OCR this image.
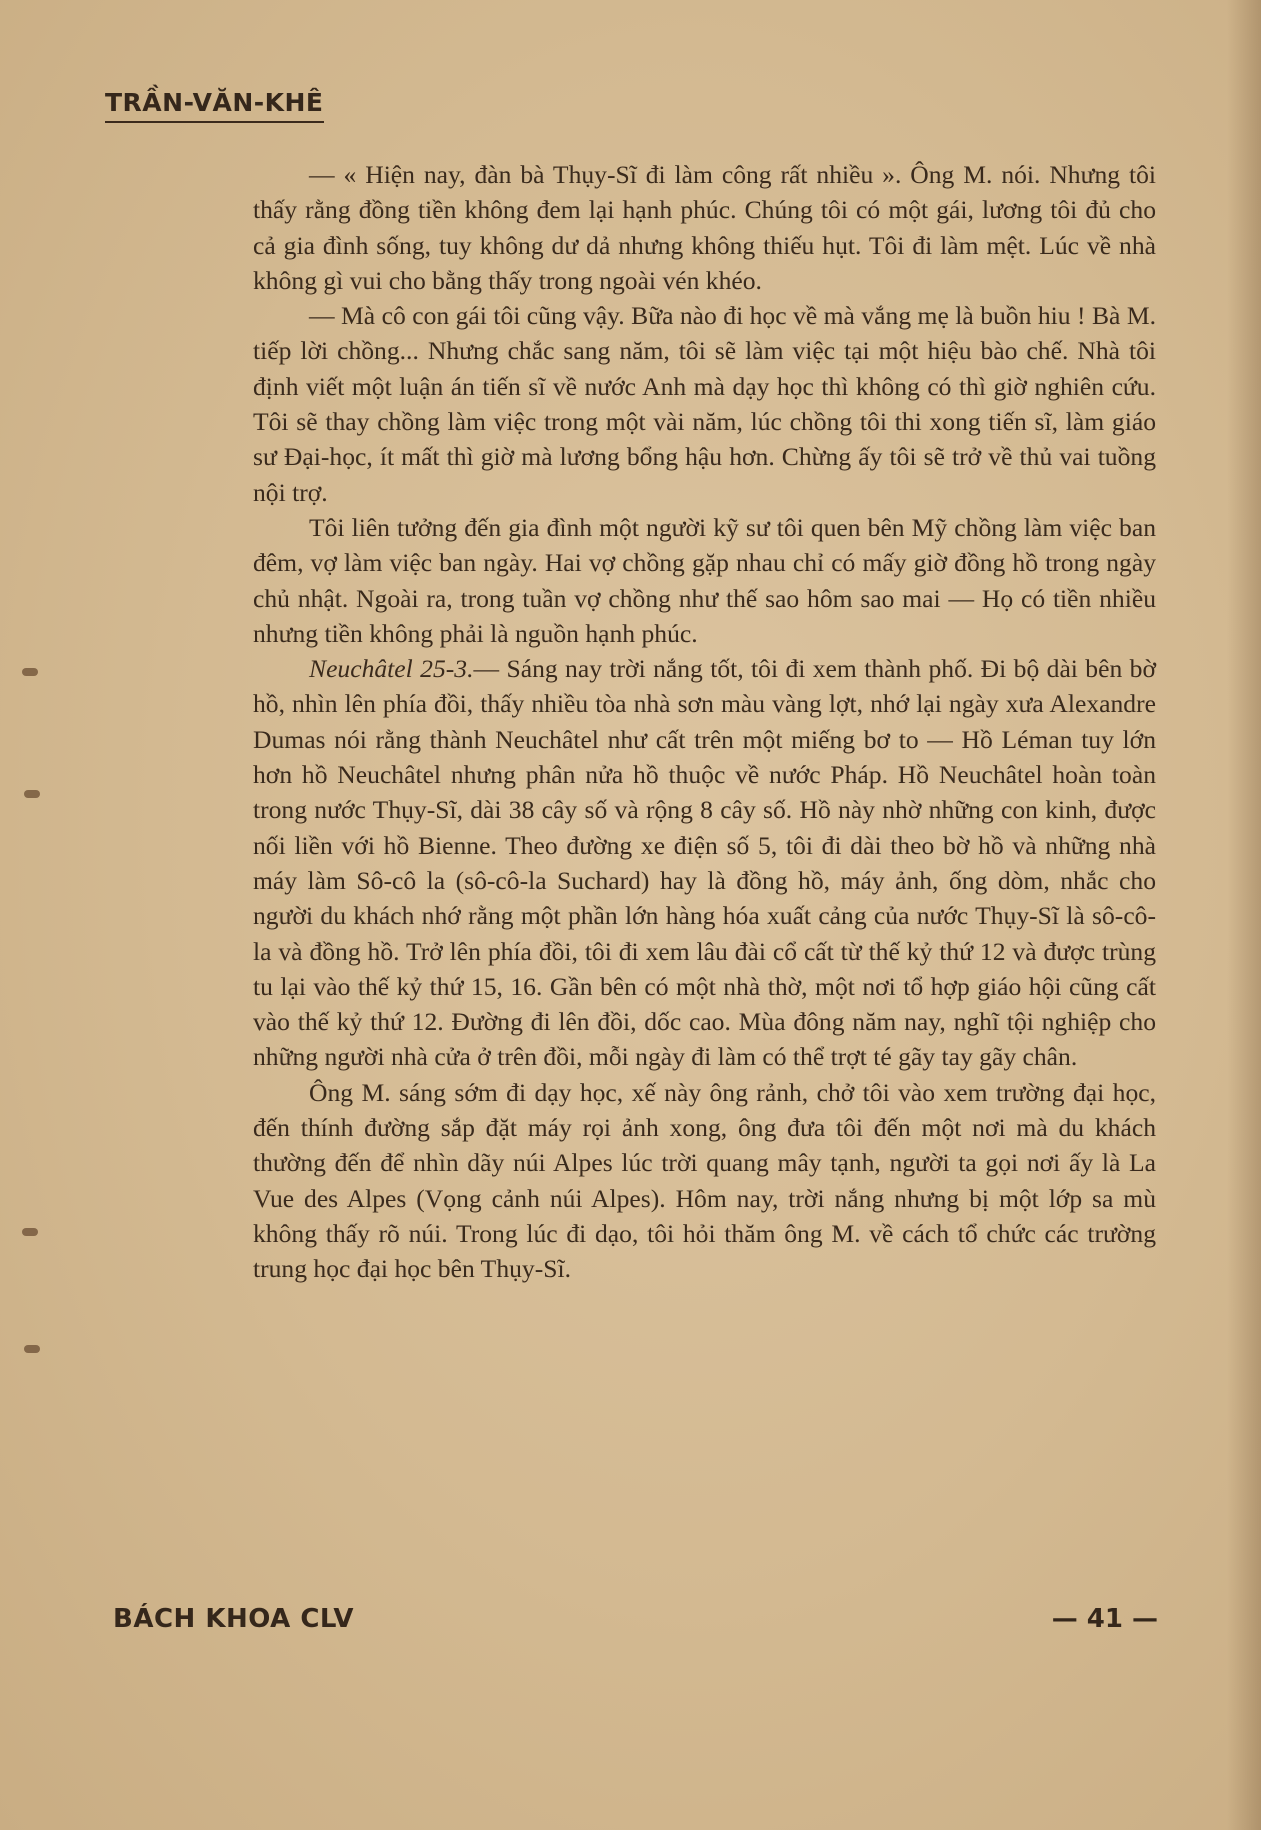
TRẦN-VĂN-KHÊ

— « Hiện nay, đàn bà Thụy-Sĩ đi làm công rất nhiều ». Ông M. nói. Nhưng tôi thấy rằng đồng tiền không đem lại hạnh phúc. Chúng tôi có một gái, lương tôi đủ cho cả gia đình sống, tuy không dư dả nhưng không thiếu hụt. Tôi đi làm mệt. Lúc về nhà không gì vui cho bằng thấy trong ngoài vén khéo.

— Mà cô con gái tôi cũng vậy. Bữa nào đi học về mà vắng mẹ là buồn hiu ! Bà M. tiếp lời chồng... Nhưng chắc sang năm, tôi sẽ làm việc tại một hiệu bào chế. Nhà tôi định viết một luận án tiến sĩ về nước Anh mà dạy học thì không có thì giờ nghiên cứu. Tôi sẽ thay chồng làm việc trong một vài năm, lúc chồng tôi thi xong tiến sĩ, làm giáo sư Đại-học, ít mất thì giờ mà lương bổng hậu hơn. Chừng ấy tôi sẽ trở về thủ vai tuồng nội trợ.

Tôi liên tưởng đến gia đình một người kỹ sư tôi quen bên Mỹ chồng làm việc ban đêm, vợ làm việc ban ngày. Hai vợ chồng gặp nhau chỉ có mấy giờ đồng hồ trong ngày chủ nhật. Ngoài ra, trong tuần vợ chồng như thế sao hôm sao mai — Họ có tiền nhiều nhưng tiền không phải là nguồn hạnh phúc.

Neuchâtel 25-3.— Sáng nay trời nắng tốt, tôi đi xem thành phố. Đi bộ dài bên bờ hồ, nhìn lên phía đồi, thấy nhiều tòa nhà sơn màu vàng lợt, nhớ lại ngày xưa Alexandre Dumas nói rằng thành Neuchâtel như cất trên một miếng bơ to — Hồ Léman tuy lớn hơn hồ Neuchâtel nhưng phân nửa hồ thuộc về nước Pháp. Hồ Neuchâtel hoàn toàn trong nước Thụy-Sĩ, dài 38 cây số và rộng 8 cây số. Hồ này nhờ những con kinh, được nối liền với hồ Bienne. Theo đường xe điện số 5, tôi đi dài theo bờ hồ và những nhà máy làm Sô-cô la (sô-cô-la Suchard) hay là đồng hồ, máy ảnh, ống dòm, nhắc cho người du khách nhớ rằng một phần lớn hàng hóa xuất cảng của nước Thụy-Sĩ là sô-cô-la và đồng hồ. Trở lên phía đồi, tôi đi xem lâu đài cổ cất từ thế kỷ thứ 12 và được trùng tu lại vào thế kỷ thứ 15, 16. Gần bên có một nhà thờ, một nơi tổ hợp giáo hội cũng cất vào thế kỷ thứ 12. Đường đi lên đồi, dốc cao. Mùa đông năm nay, nghĩ tội nghiệp cho những người nhà cửa ở trên đồi, mỗi ngày đi làm có thể trợt té gãy tay gãy chân.

Ông M. sáng sớm đi dạy học, xế này ông rảnh, chở tôi vào xem trường đại học, đến thính đường sắp đặt máy rọi ảnh xong, ông đưa tôi đến một nơi mà du khách thường đến để nhìn dãy núi Alpes lúc trời quang mây tạnh, người ta gọi nơi ấy là La Vue des Alpes (Vọng cảnh núi Alpes). Hôm nay, trời nắng nhưng bị một lớp sa mù không thấy rõ núi. Trong lúc đi dạo, tôi hỏi thăm ông M. về cách tổ chức các trường trung học đại học bên Thụy-Sĩ.

BÁCH KHOA CLV	— 41 —
